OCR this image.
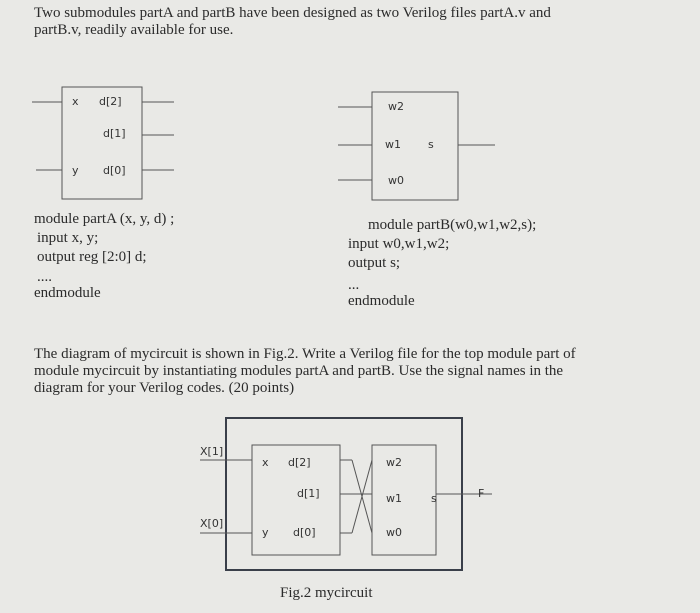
Two submodules partA and partB have been designed as two Verilog files partA.v and
partB.v, readily available for use.
x d[2]
d[1]
y d[0]
w2
w1 s
w0
module partA (x, y, d) ;
input x, y;
output reg [2:0] d;
....
endmodule
module partB(w0,w1,w2,s);
input w0,w1,w2;
output s;
...
endmodule
The diagram of mycircuit is shown in Fig.2. Write a Verilog file for the top module part of
module mycircuit by instantiating modules partA and partB. Use the signal names in the
diagram for your Verilog codes. (20 points)
X[1]
X[0]
x d[2]
d[1]
y d[0]
w2
w1
w0
s	F
Fig.2 mycircuit
